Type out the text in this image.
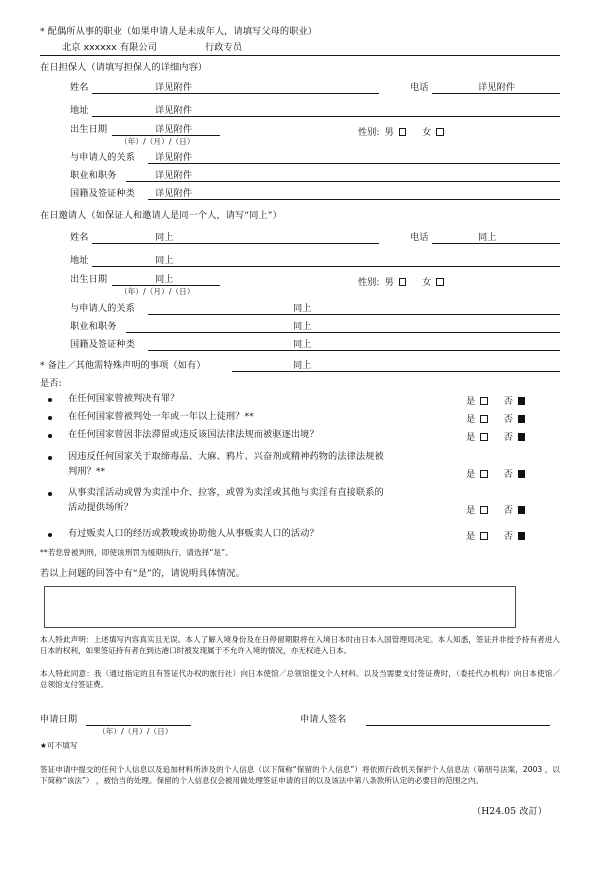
* 配偶所从事的职业（如果申请人是未成年人，请填写父母的职业）
北京 xxxxxx 有限公司	行政专员
在日担保人（请填写担保人的详细内容）
姓名	详见附件	电话	详见附件
地址	详见附件
出生日期	详见附件
（年）/（月）/（日）
性别: 男	女
与申请人的关系 详见附件
职业和职务	详见附件
国籍及签证种类 详见附件
在日邀请人（如保证人和邀请人是同一个人，请写“同上”）
姓名	同上	电话	同上
地址	同上
出生日期	同上
（年）/（月）/（日）
性别: 男	女
与申请人的关系	同上
职业和职务	同上
国籍及签证种类	同上
* 备注／其他需特殊声明的事项（如有）	同上
是否:
在任何国家曾被判决有罪？	是	否
在任何国家曾被判处一年或一年以上徒刑？**	是	否
在任何国家曾因非法滞留或违反该国法律法规而被驱逐出境？	是	否
因违反任何国家关于取缔毒品、大麻、鸦片、兴奋剂或精神药物的法律法规被
判刑？**	是	否
从事卖淫活动或曾为卖淫中介、拉客，或曾为卖淫或其他与卖淫有直接联系的
活动提供场所？	是	否
有过贩卖人口的经历或教唆或协助他人从事贩卖人口的活动？	是	否
**若您曾被判刑，即使该刑罚为缓期执行，请选择“是”。
若以上问题的回答中有“是”的，请说明具体情况。
本人特此声明：上述填写内容真实且无误。本人了解入境身份及在日停留期限将在入境日本时由日本入国管理局决定。本人知悉，签证并非授予持有者进入日本的权利，如果签证持有者在到达港口时被发现属于不允许入境的情况，亦无权进入日本。
本人特此同意：我（通过指定的且有签证代办权的旅行社）向日本使馆／总领馆提交个人材料。以及当需要支付签证费时，（委托代办机构）向日本使馆／总领馆支付签证费。
申请日期
（年）/（月）/（日）
申请人签名
★可不填写
签证申请中提交的任何个人信息以及追加材料所涉及的个人信息（以下简称“保留的个人信息”）将依照行政机关保护个人信息法（第朋号法案，2003 ，以下简称“该法”） ，被恰当的处理。保留的个人信息仅会被用做处理签证申请的目的以及该法中第八条款所认定的必要目的范围之内。
（H24.05 改訂）
